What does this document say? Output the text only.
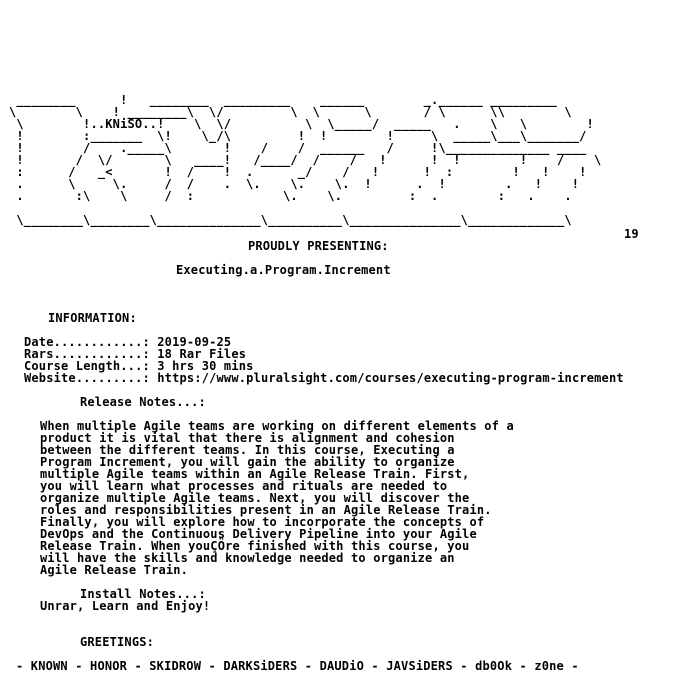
________      !   ________  _________    ______        _.______ _________
\        \    ! ________\  \/         \  \      \       / \      \\        \
\        !..KNiSO..!    \  \/          \  \_____/  _____   .    \   \        !
!        :_______  \!    \_/\         !  !        !     \  _____\___\_______/
!        /    ._____\       !    /    /  ______   /     !\______________ ____
!       /  \/       \   ____!   /____/  /    /   !      !  !        !    /    \
:      /   _<       !  /    !  .      _/    /   !      !  :        !   !    !
.      \     \.     /  /    .  \.    \.    \.  !      .  !        .   !    !
.       :\    \     /  :            \.    \.         :  .        :   .    .
\________\________\______________\__________\_______________\_____________\
19
PROUDLY PRESENTING:
Executing.a.Program.Increment
INFORMATION:
Date............: 2019-09-25
Rars............: 18 Rar Files
Course Length...: 3 hrs 30 mins
Website.........: https://www.pluralsight.com/courses/executing-program-increment
Release Notes...:
When multiple Agile teams are working on different elements of a
product it is vital that there is alignment and cohesion
between the different teams. In this course, Executing a
Program Increment, you will gain the ability to organize
multiple Agile teams within an Agile Release Train. First,
you will learn what processes and rituals are needed to
organize multiple Agile teams. Next, you will discover the
roles and responsibilities present in an Agile Release Train.
Finally, you will explore how to incorporate the concepts of
DevOps and the Continuous Delivery Pipeline into your Agile
Release Train. When youÇÖre finished with this course, you
will have the skills and knowledge needed to organize an
Agile Release Train.
Install Notes...:
Unrar, Learn and Enjoy!
GREETINGS:
- KNOWN - HONOR - SKIDROW - DARKSiDERS - DAUDiO - JAVSiDERS - db0Ok - z0ne -
